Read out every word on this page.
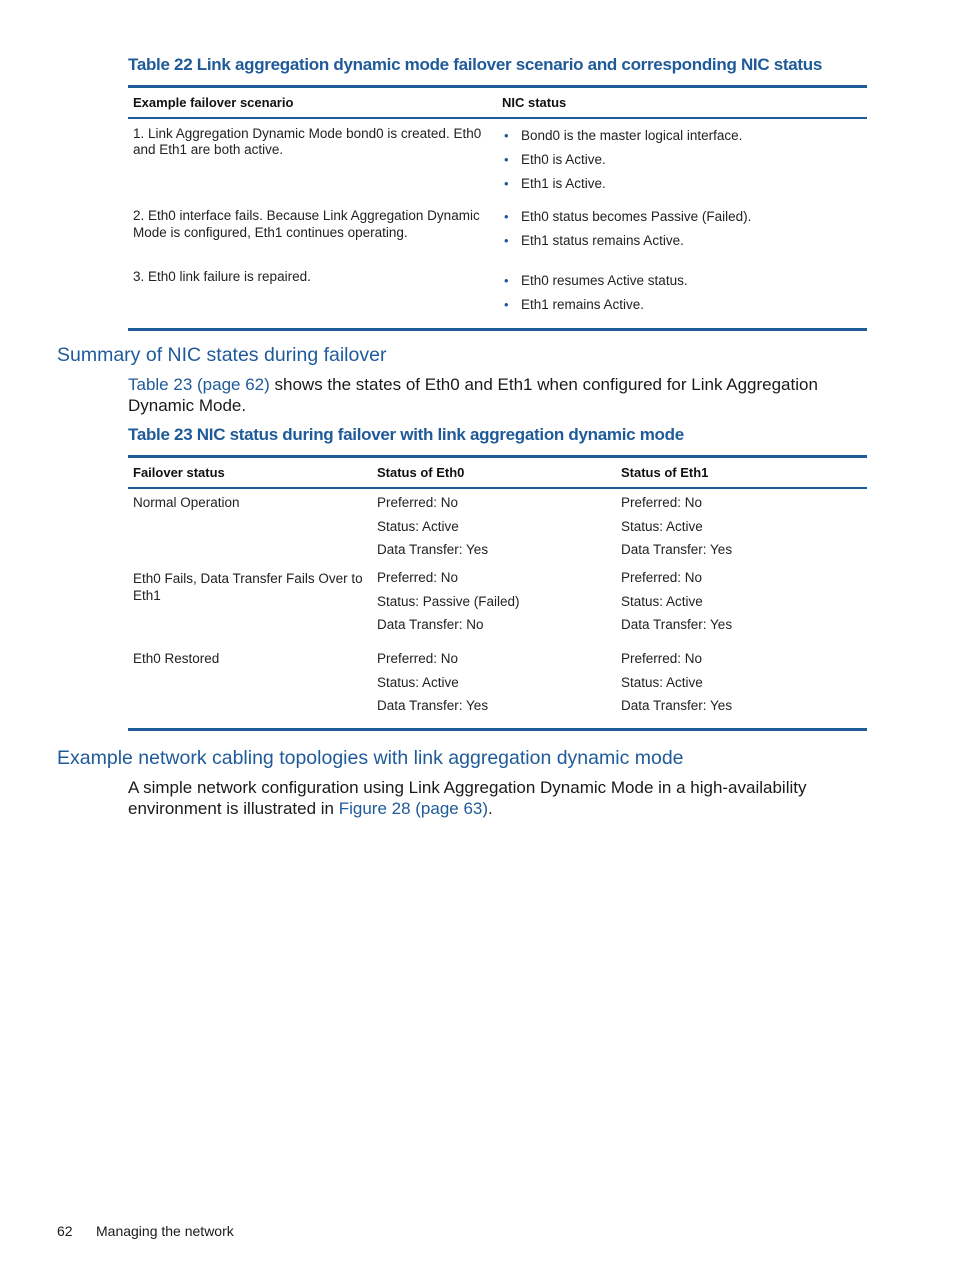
Table 22 Link aggregation dynamic mode failover scenario and corresponding NIC status
Example failover scenario	NIC status
1. Link Aggregation Dynamic Mode bond0 is created. Eth0 and Eth1 are both active.
• Bond0 is the master logical interface.
• Eth0 is Active.
• Eth1 is Active.
2. Eth0 interface fails. Because Link Aggregation Dynamic Mode is configured, Eth1 continues operating.
• Eth0 status becomes Passive (Failed).
• Eth1 status remains Active.
3. Eth0 link failure is repaired.
•	Eth0 resumes Active status.
• Eth1 remains Active.
Summary of NIC states during failover
Table 23 (page 62) shows the states of Eth0 and Eth1 when configured for Link Aggregation Dynamic Mode.
Table 23 NIC status during failover with link aggregation dynamic mode
Failover status	Status of Eth0	Status of Eth1
Normal Operation	Preferred: No
Status: Active
Data Transfer: Yes
Preferred: No
Status: Active
Data Transfer: Yes
Eth0 Fails, Data Transfer Fails Over to Eth1
Preferred: No
Status: Passive (Failed)
Data Transfer: No
Preferred: No
Status: Active
Data Transfer: Yes
Eth0 Restored	Preferred: No
Status: Active
Data Transfer: Yes
Preferred: No
Status: Active
Data Transfer: Yes
Example network cabling topologies with link aggregation dynamic mode
A simple network configuration using Link Aggregation Dynamic Mode in a high-availability environment is illustrated in Figure 28 (page 63).
62 Managing the network
